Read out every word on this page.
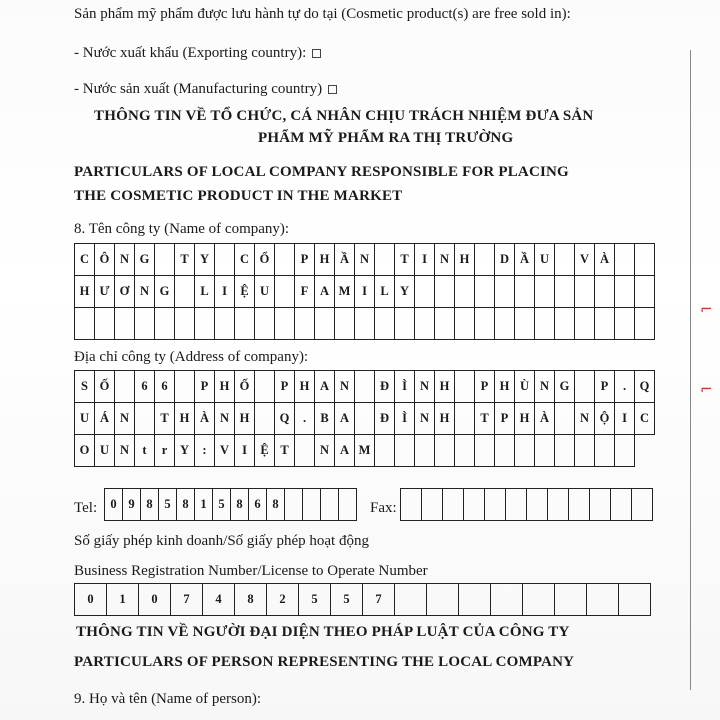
Sản phẩm mỹ phẩm được lưu hành tự do tại (Cosmetic product(s) are free sold in):
- Nước xuất khẩu (Exporting country):
- Nước sản xuất (Manufacturing country)
THÔNG TIN VỀ TỔ CHỨC, CÁ NHÂN CHỊU TRÁCH NHIỆM ĐƯA SẢN
PHẨM MỸ PHẨM RA THỊ TRƯỜNG
PARTICULARS OF LOCAL COMPANY RESPONSIBLE FOR PLACING
THE COSMETIC PRODUCT IN THE MARKET
8. Tên công ty (Name of company):
C Ô N G	T Y	C Ổ	P H Ầ N	T	I	N H	D Ầ U	V À
H Ư Ơ N G	L	I	Ệ U	F A M I	L Y
Địa chỉ công ty (Address of company):
S Ố	6	6	P H Ố	P H A N	Đ	Ì	N H	P H Ù N G	P	.	Q
U Á N	T H À N H	Q	.	B A	Đ	Ì	N H	T P H À	N Ộ	I	C
O U N	t	r	Y	:	V	I	Ệ T	N A M
Tel:	0 9 8 5 8 1 5 8 6 8	Fax:
Số giấy phép kinh doanh/Số giấy phép hoạt động
Business Registration Number/License to Operate Number
0	1	0	7	4	8	2	5	5	7
THÔNG TIN VỀ NGƯỜI ĐẠI DIỆN THEO PHÁP LUẬT CỦA CÔNG TY
PARTICULARS OF PERSON REPRESENTING THE LOCAL COMPANY
9. Họ và tên (Name of person):
⌐
⌐
